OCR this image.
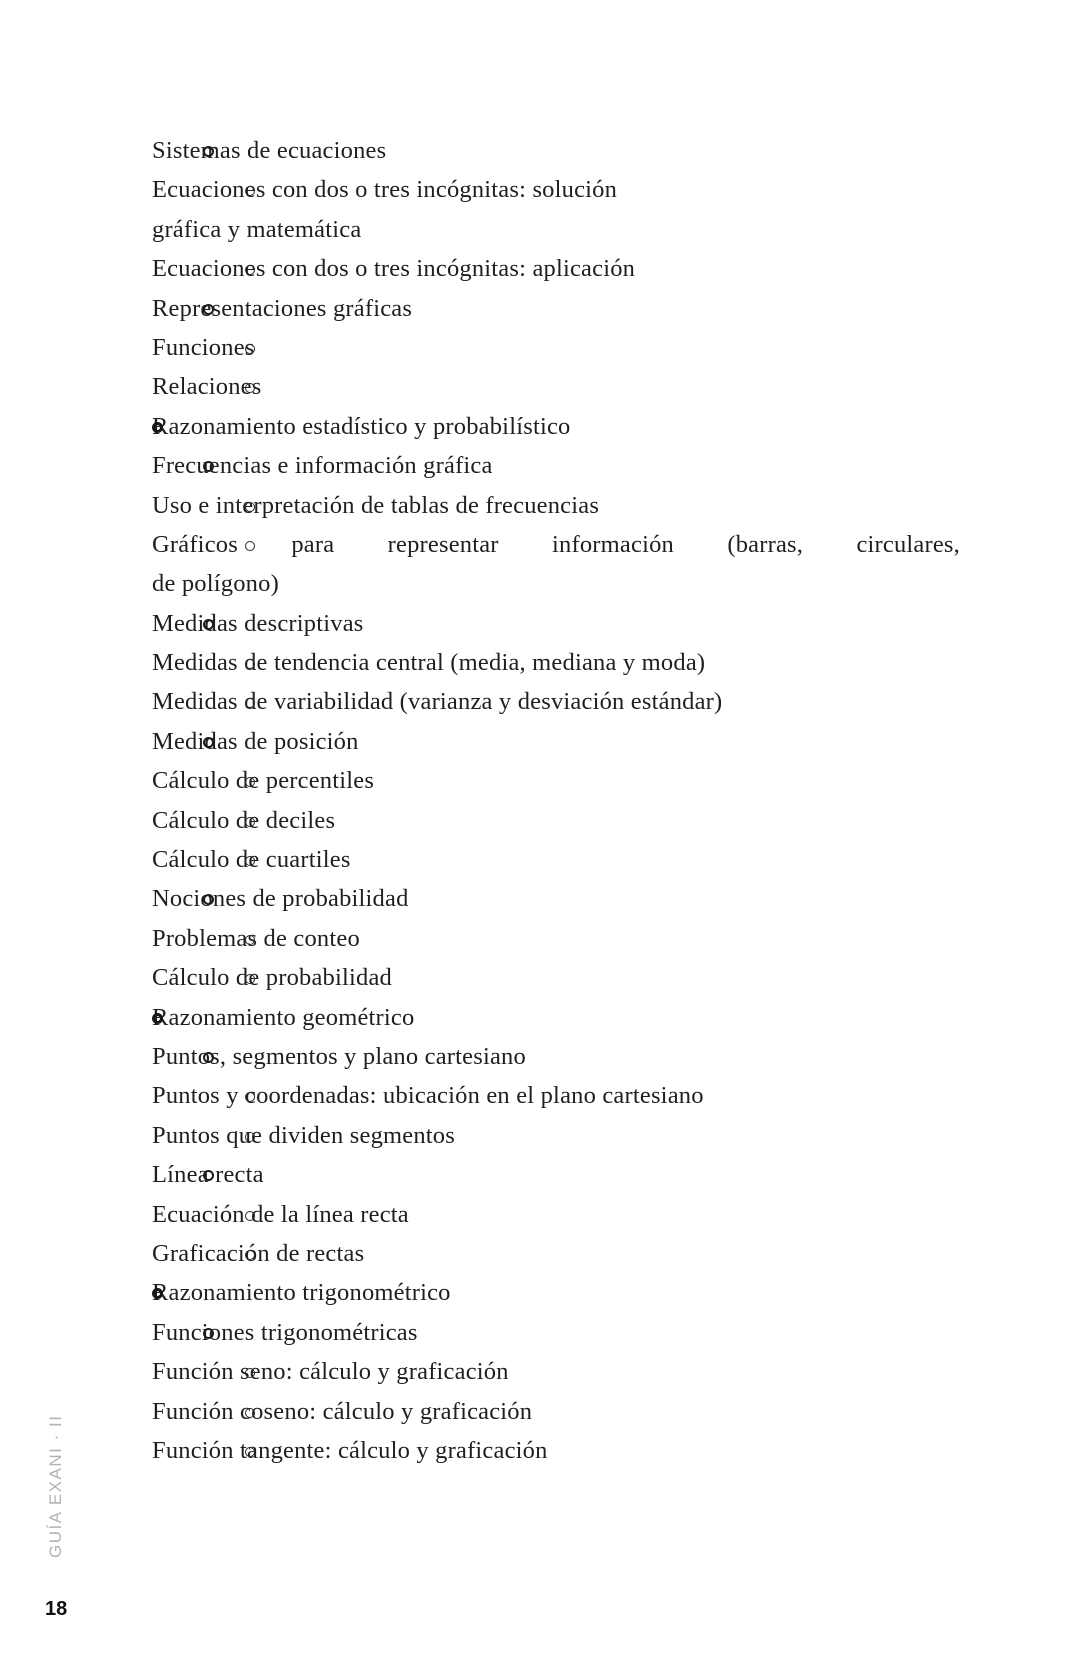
Sistemas de ecuaciones
Ecuaciones con dos o tres incógnitas: solución
gráfica y matemática
Ecuaciones con dos o tres incógnitas: aplicación
Representaciones gráficas
Funciones
Relaciones
Razonamiento estadístico y probabilístico
Frecuencias e información gráfica
Uso e interpretación de tablas de frecuencias
Gráficos para representar información (barras, circulares,
de polígono)
Medidas descriptivas
Medidas de tendencia central (media, mediana y moda)
Medidas de variabilidad (varianza y desviación estándar)
Medidas de posición
Cálculo de percentiles
Cálculo de deciles
Cálculo de cuartiles
Nociones de probabilidad
Problemas de conteo
Cálculo de probabilidad
Razonamiento geométrico
Puntos, segmentos y plano cartesiano
Puntos y coordenadas: ubicación en el plano cartesiano
Puntos que dividen segmentos
Línea recta
Ecuación de la línea recta
Graficación de rectas
Razonamiento trigonométrico
Funciones trigonométricas
Función seno: cálculo y graficación
Función coseno: cálculo y graficación
Función tangente: cálculo y graficación
GUÍA EXANI · II
18
